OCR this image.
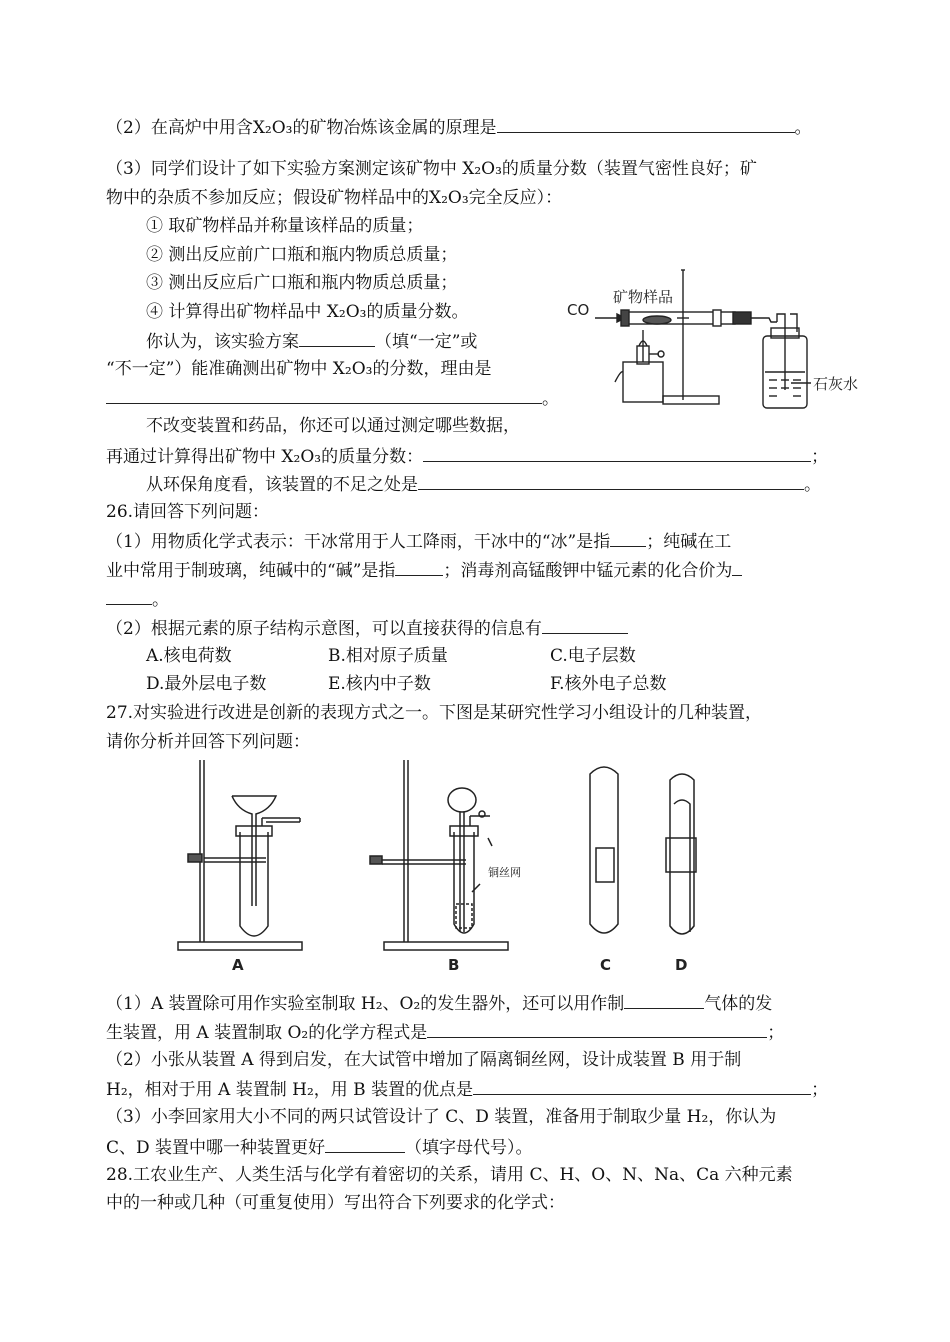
（2）在高炉中用含X₂O₃的矿物冶炼该金属的原理是	。
（3）同学们设计了如下实验方案测定该矿物中 X₂O₃的质量分数（装置气密性良好；矿
物中的杂质不参加反应；假设矿物样品中的X₂O₃完全反应）：
① 取矿物样品并称量该样品的质量；
② 测出反应前广口瓶和瓶内物质总质量；
③ 测出反应后广口瓶和瓶内物质总质量；
④ 计算得出矿物样品中 X₂O₃的质量分数。
你认为，该实验方案	（填“一定”或
“不一定”）能准确测出矿物中 X₂O₃的分数，理由是
。
不改变装置和药品，你还可以通过测定哪些数据，
再通过计算得出矿物中 X₂O₃的质量分数：	；
从环保角度看，该装置的不足之处是	。
CO
矿物样品
石灰水
26.请回答下列问题：
（1）用物质化学式表示：干冰常用于人工降雨，干冰中的“冰”是指 ；纯碱在工
业中常用于制玻璃，纯碱中的“碱”是指	；消毒剂高锰酸钾中锰元素的化合价为
。
（2）根据元素的原子结构示意图，可以直接获得的信息有
A.核电荷数	B.相对原子质量	C.电子层数
D.最外层电子数	E.核内中子数	F.核外电子总数
27.对实验进行改进是创新的表现方式之一。下图是某研究性学习小组设计的几种装置，
请你分析并回答下列问题：
铜丝网
A	B	C	D
（1）A 装置除可用作实验室制取 H₂、O₂的发生器外，还可以用作制	气体的发
生装置，用 A 装置制取 O₂的化学方程式是	；
（2）小张从装置 A 得到启发，在大试管中增加了隔离铜丝网，设计成装置 B 用于制
H₂，相对于用 A 装置制 H₂，用 B 装置的优点是	；
（3）小李回家用大小不同的两只试管设计了 C、D 装置，准备用于制取少量 H₂，你认为
C、D 装置中哪一种装置更好	（填字母代号）。
28.工农业生产、人类生活与化学有着密切的关系，请用 C、H、O、N、Na、Ca 六种元素
中的一种或几种（可重复使用）写出符合下列要求的化学式：
